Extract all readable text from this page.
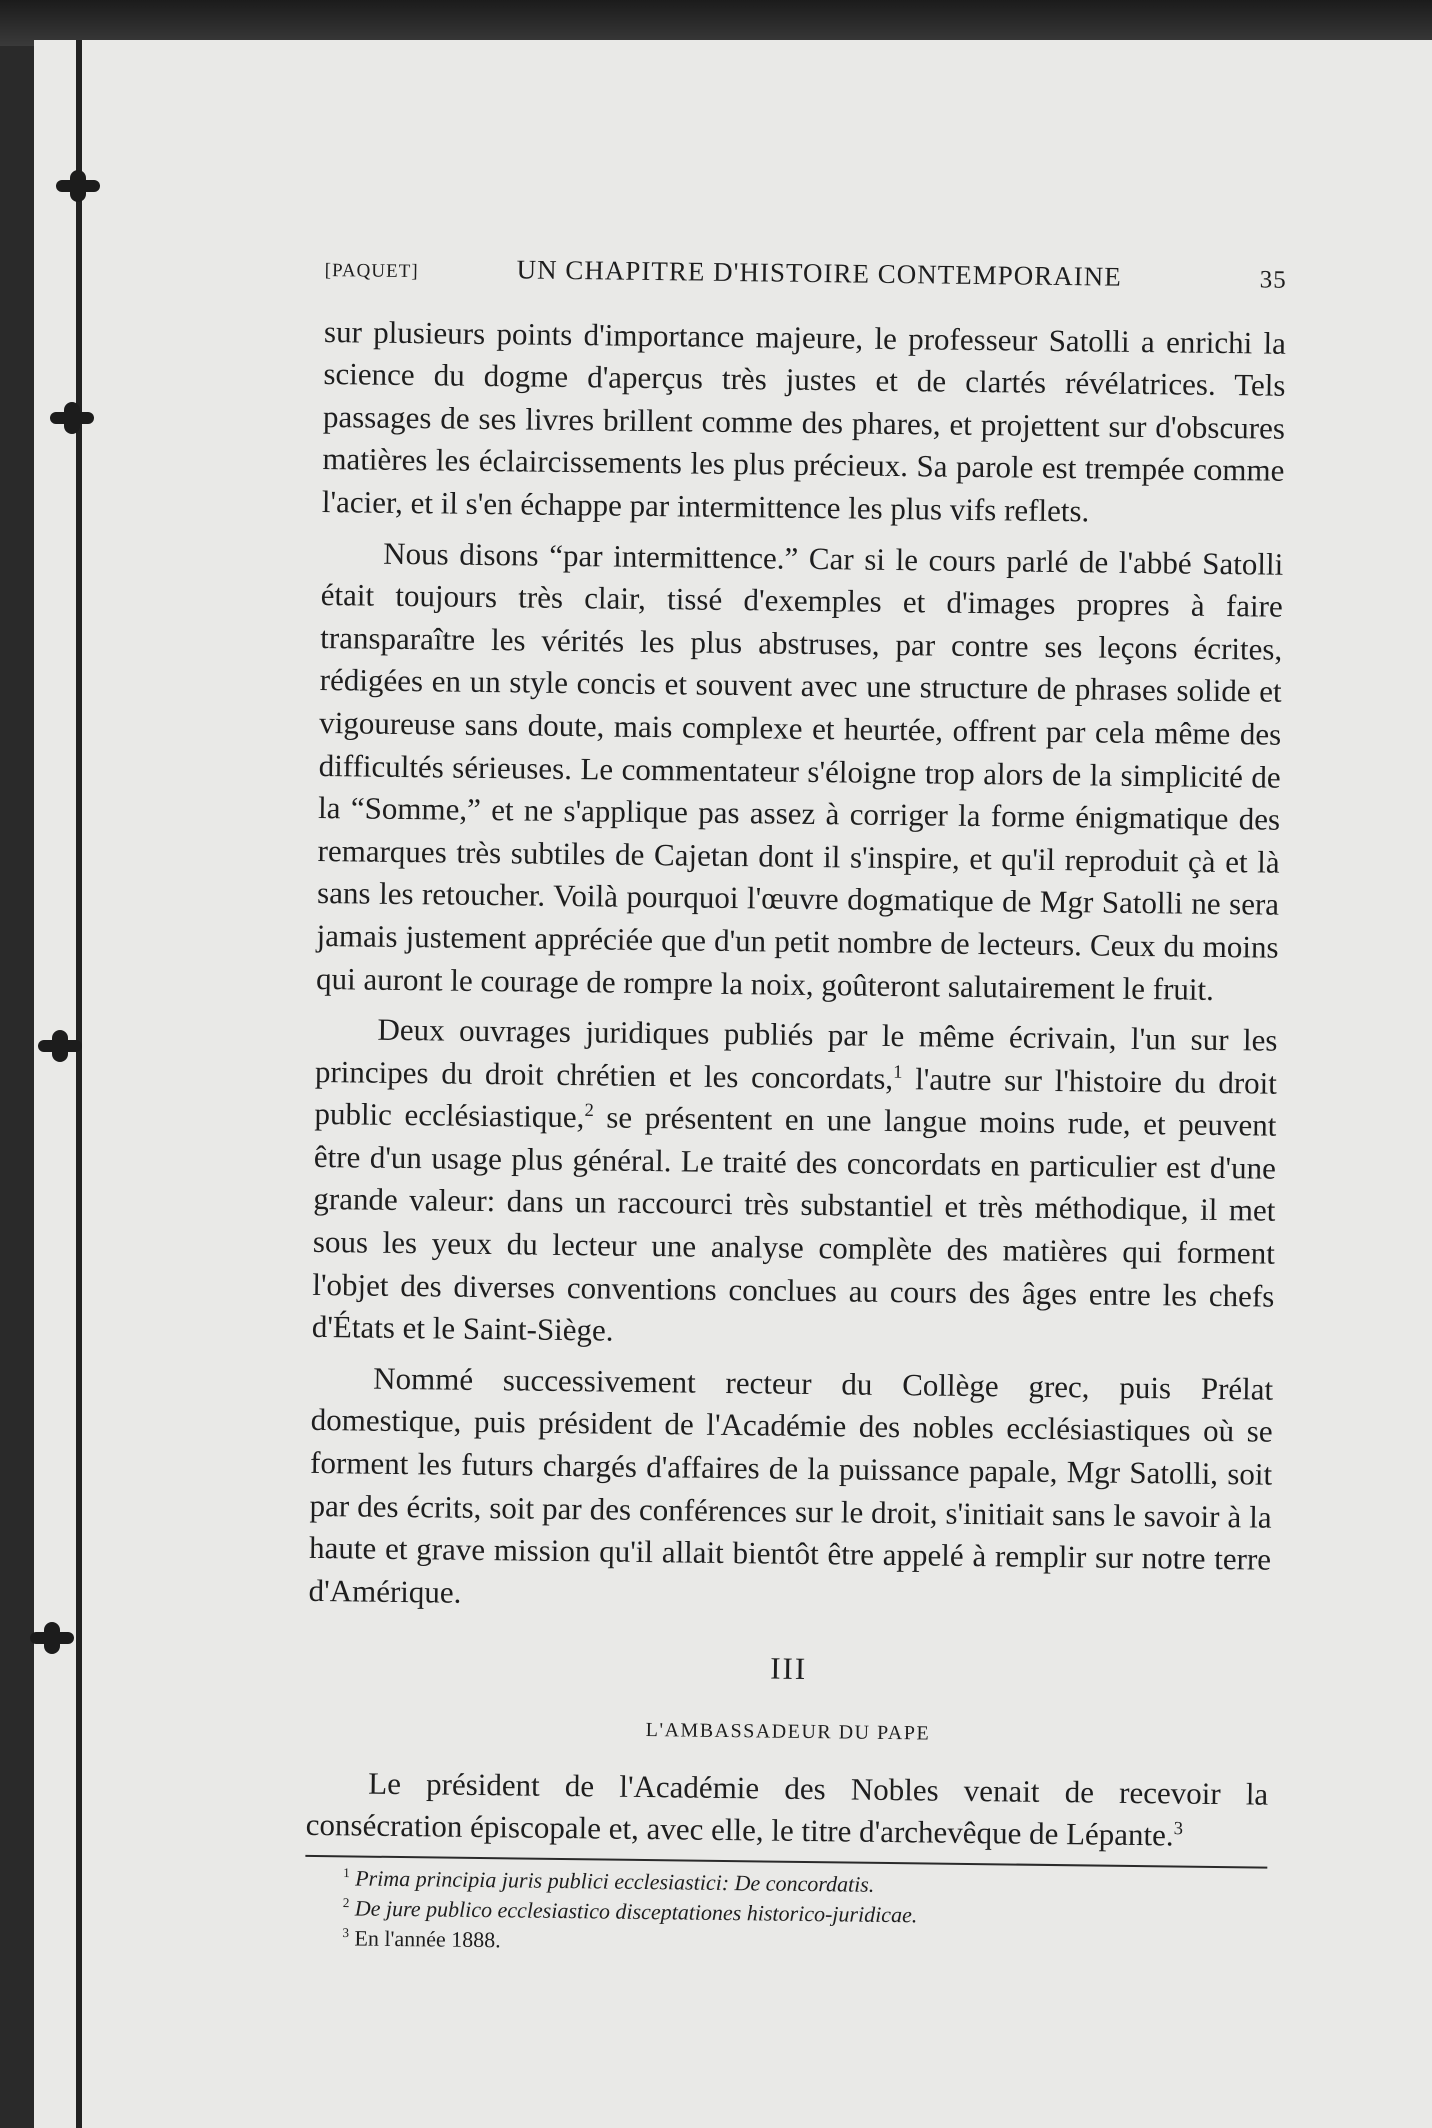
[PAQUET]	UN CHAPITRE D'HISTOIRE CONTEMPORAINE	35

sur plusieurs points d'importance majeure, le professeur Satolli a enrichi la science du dogme d'aperçus très justes et de clartés révélatrices. Tels passages de ses livres brillent comme des phares, et projettent sur d'obscures matières les éclaircissements les plus précieux. Sa parole est trempée comme l'acier, et il s'en échappe par intermittence les plus vifs reflets.

Nous disons “par intermittence.” Car si le cours parlé de l'abbé Satolli était toujours très clair, tissé d'exemples et d'images propres à faire transparaître les vérités les plus abstruses, par contre ses leçons écrites, rédigées en un style concis et souvent avec une structure de phrases solide et vigoureuse sans doute, mais complexe et heurtée, offrent par cela même des difficultés sérieuses. Le commentateur s'éloigne trop alors de la simplicité de la “Somme,” et ne s'applique pas assez à corriger la forme énigmatique des remarques très subtiles de Cajetan dont il s'inspire, et qu'il reproduit çà et là sans les retoucher. Voilà pourquoi l'œuvre dogmatique de Mgr Satolli ne sera jamais justement appréciée que d'un petit nombre de lecteurs. Ceux du moins qui auront le courage de rompre la noix, goûteront salutairement le fruit.

Deux ouvrages juridiques publiés par le même écrivain, l'un sur les principes du droit chrétien et les concordats,$^1$ l'autre sur l'histoire du droit public ecclésiastique,$^2$ se présentent en une langue moins rude, et peuvent être d'un usage plus général. Le traité des concordats en particulier est d'une grande valeur: dans un raccourci très substantiel et très méthodique, il met sous les yeux du lecteur une analyse complète des matières qui forment l'objet des diverses conventions conclues au cours des âges entre les chefs d'États et le Saint-Siège.

Nommé successivement recteur du Collège grec, puis Prélat domestique, puis président de l'Académie des nobles ecclésiastiques où se forment les futurs chargés d'affaires de la puissance papale, Mgr Satolli, soit par des écrits, soit par des conférences sur le droit, s'initiait sans le savoir à la haute et grave mission qu'il allait bientôt être appelé à remplir sur notre terre d'Amérique.

III
L'AMBASSADEUR DU PAPE

Le président de l'Académie des Nobles venait de recevoir la consécration épiscopale et, avec elle, le titre d'archevêque de Lépante.$^3$

$^1$ Prima principia juris publici ecclesiastici: De concordatis.
$^2$ De jure publico ecclesiastico disceptationes historico-juridicae.
$^3$ En l'année 1888.
